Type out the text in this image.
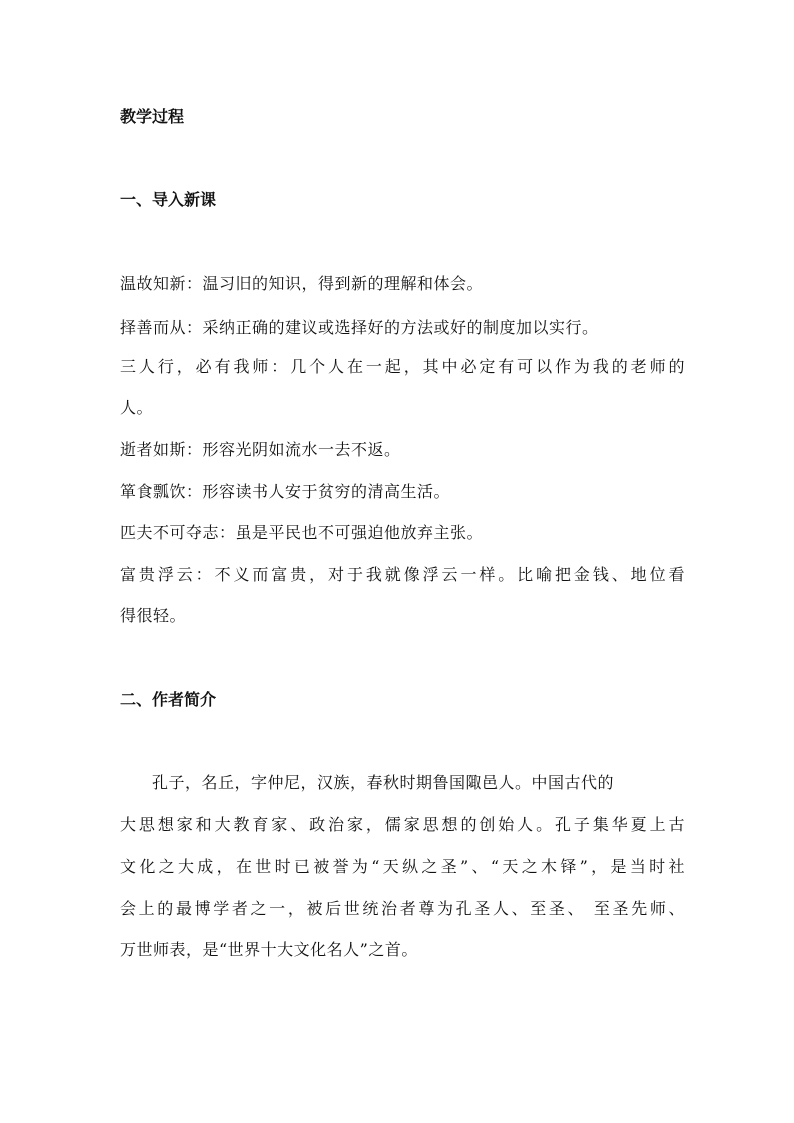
教学过程
一、导入新课
温故知新：温习旧的知识，得到新的理解和体会。
择善而从：采纳正确的建议或选择好的方法或好的制度加以实行。
三人行，必有我师：几个人在一起，其中必定有可以作为我的老师的
人。
逝者如斯：形容光阴如流水一去不返。
箪食瓢饮：形容读书人安于贫穷的清高生活。
匹夫不可夺志：虽是平民也不可强迫他放弃主张。
富贵浮云：不义而富贵，对于我就像浮云一样。比喻把金钱、地位看
得很轻。
二、作者简介
孔子，名丘，字仲尼，汉族，春秋时期鲁国陬邑人。中国古代的
大思想家和大教育家、政治家，儒家思想的创始人。孔子集华夏上古
文化之大成，在世时已被誉为“天纵之圣”、“天之木铎”，是当时社
会上的最博学者之一，被后世统治者尊为孔圣人、至圣、 至圣先师、
万世师表，是“世界十大文化名人”之首。
